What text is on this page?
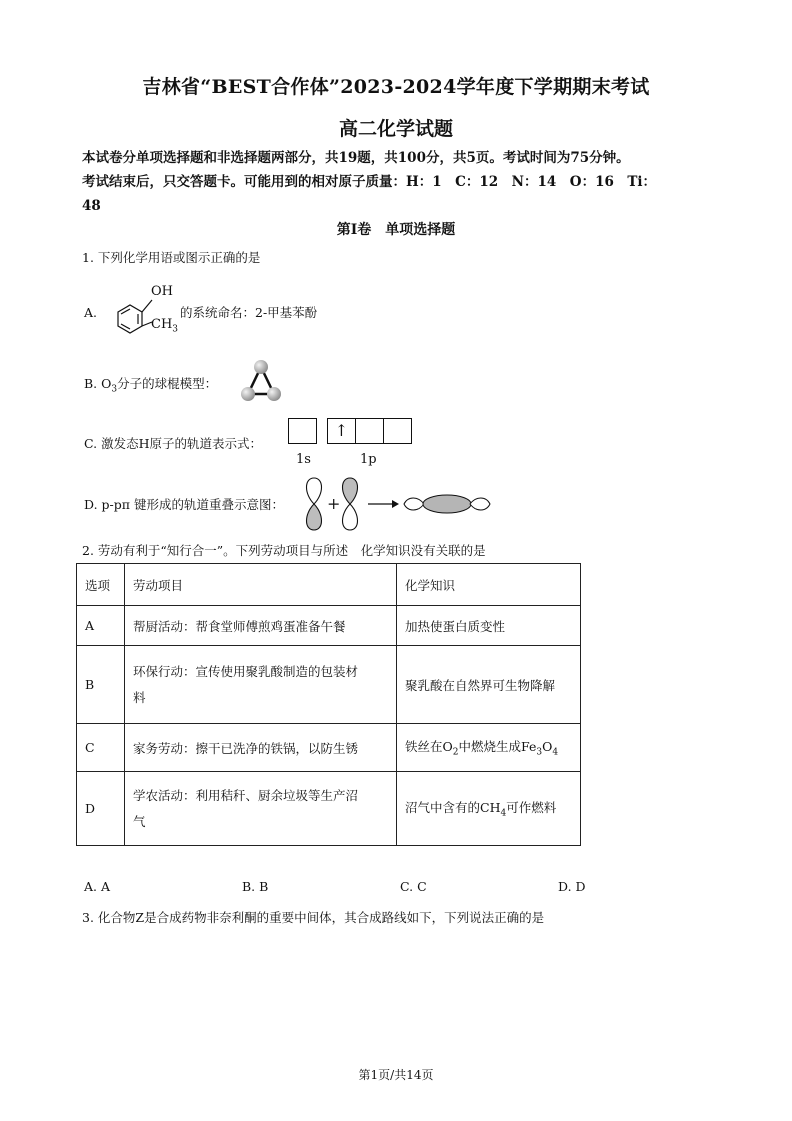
吉林省“BEST合作体”2023-2024学年度下学期期末考试
高二化学试题
本试卷分单项选择题和非选择题两部分，共19题，共100分，共5页。考试时间为75分钟。
考试结束后，只交答题卡。可能用到的相对原子质量：H：1　C：12　N：14　O：16　Ti：
48
第Ⅰ卷　单项选择题
1. 下列化学用语或图示正确的是
A.
OH
$CH_3$
的系统命名：2-甲基苯酚
B. $O_3$分子的球棍模型：
C. 激发态H原子的轨道表示式：
↑
1s	1p
D. p-pπ 键形成的轨道重叠示意图：	+
2. 劳动有利于“知行合一”。下列劳动项目与所述　化学知识没有关联的是
选项	劳动项目	化学知识
A	帮厨活动：帮食堂师傅煎鸡蛋准备午餐	加热使蛋白质变性
B	环保行动：宣传使用聚乳酸制造的包装材
料	聚乳酸在自然界可生物降解
C	家务劳动：擦干已洗净的铁锅，以防生锈	铁丝在$O_2$中燃烧生成$Fe_3O_4$
D	学农活动：利用秸秆、厨余垃圾等生产沼
气	沼气中含有的$CH_4$可作燃料
A. A	B. B	C. C	D. D
3. 化合物Z是合成药物非奈利酮的重要中间体，其合成路线如下，下列说法正确的是
第1页/共14页
